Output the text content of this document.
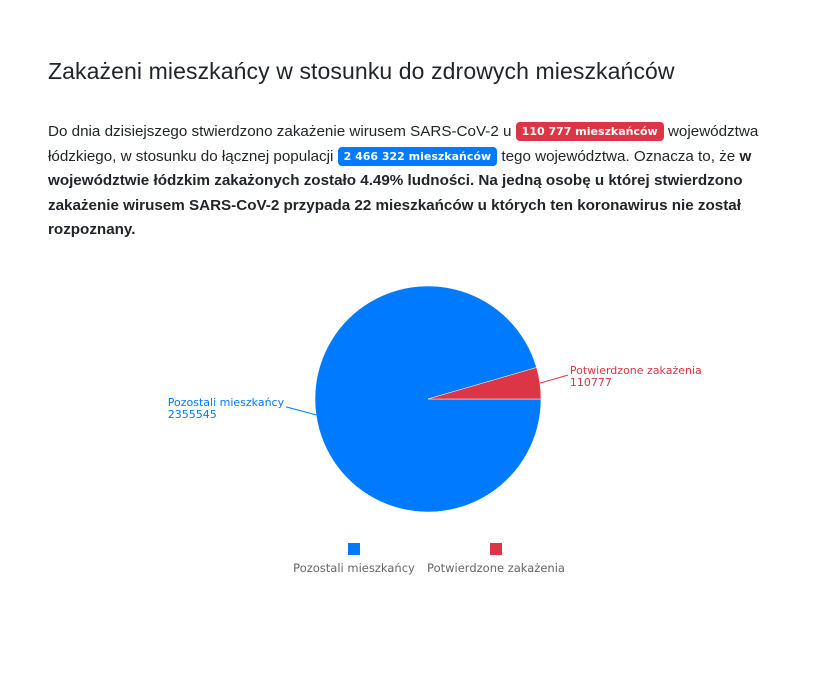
Zakażeni mieszkańcy w stosunku do zdrowych mieszkańców

Do dnia dzisiejszego stwierdzono zakażenie wirusem SARS-CoV-2 u 110 777 mieszkańców województwa łódzkiego, w stosunku do łącznej populacji 2 466 322 mieszkańców tego województwa. Oznacza to, że w województwie łódzkim zakażonych zostało 4.49% ludności. Na jedną osobę u której stwierdzono zakażenie wirusem SARS-CoV-2 przypada 22 mieszkańców u których ten koronawirus nie został rozpoznany.

Pozostali mieszkańcy
2355545
Potwierdzone zakażenia
110777
Pozostali mieszkańcy Potwierdzone zakażenia
